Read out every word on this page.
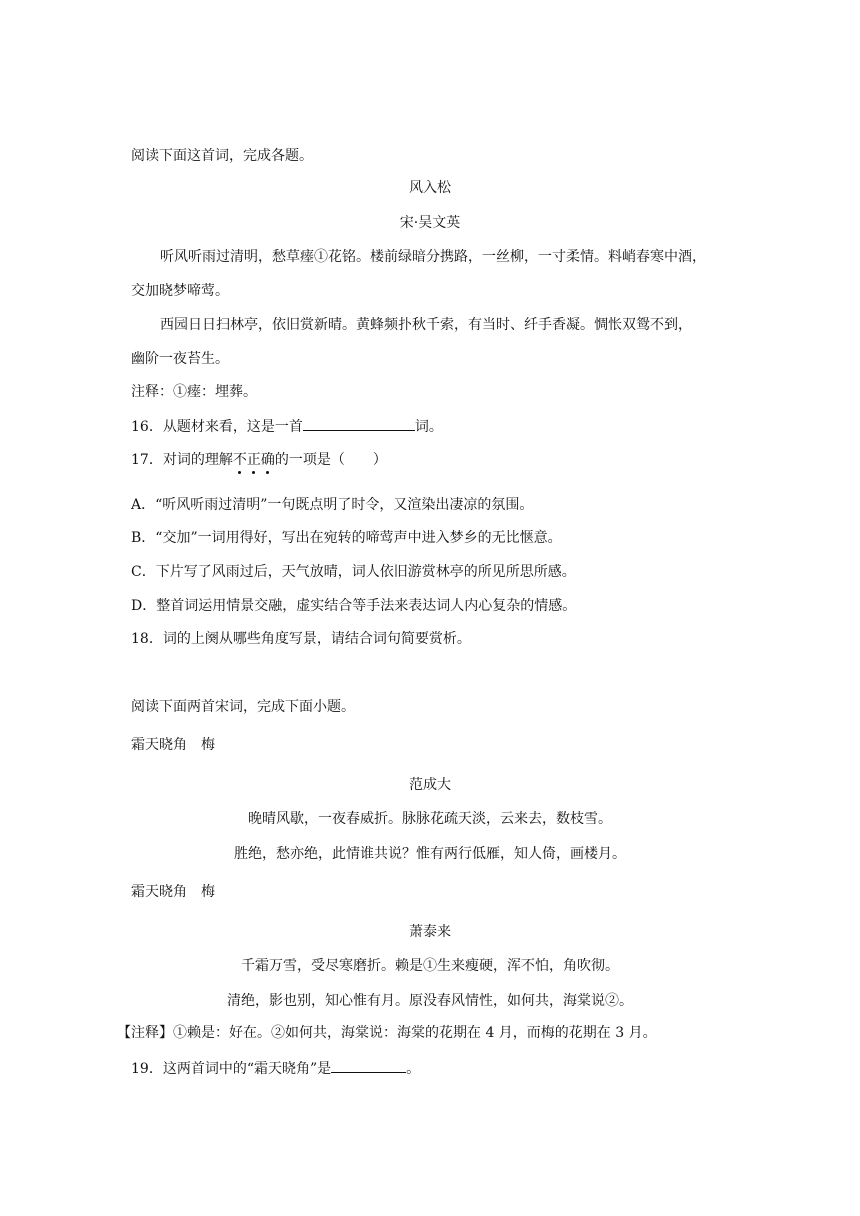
阅读下面这首词，完成各题。
风入松
宋·吴文英
听风听雨过清明，愁草瘗①花铭。楼前绿暗分携路，一丝柳，一寸柔情。料峭春寒中酒，
交加晓梦啼莺。
西园日日扫林亭，依旧赏新晴。黄蜂频扑秋千索，有当时、纤手香凝。惆怅双鸳不到，
幽阶一夜苔生。
注释：①瘗：埋葬。
16．从题材来看，这是一首	词。
17．对词的理解不正确的一项是（　　）
A．“听风听雨过清明”一句既点明了时令，又渲染出凄凉的氛围。
B．“交加”一词用得好，写出在宛转的啼莺声中进入梦乡的无比惬意。
C．下片写了风雨过后，天气放晴，词人依旧游赏林亭的所见所思所感。
D．整首词运用情景交融，虚实结合等手法来表达词人内心复杂的情感。
18．词的上阕从哪些角度写景，请结合词句简要赏析。
阅读下面两首宋词，完成下面小题。
霜天晓角　梅
范成大
晚晴风歇，一夜春威折。脉脉花疏天淡，云来去，数枝雪。
胜绝，愁亦绝，此情谁共说？惟有两行低雁，知人倚，画楼月。
霜天晓角　梅
萧泰来
千霜万雪，受尽寒磨折。赖是①生来瘦硬，浑不怕，角吹彻。
清绝，影也别，知心惟有月。原没春风情性，如何共，海棠说②。
【注释】①赖是：好在。②如何共，海棠说：海棠的花期在 4 月，而梅的花期在 3 月。
19．这两首词中的“霜天晓角”是	。
